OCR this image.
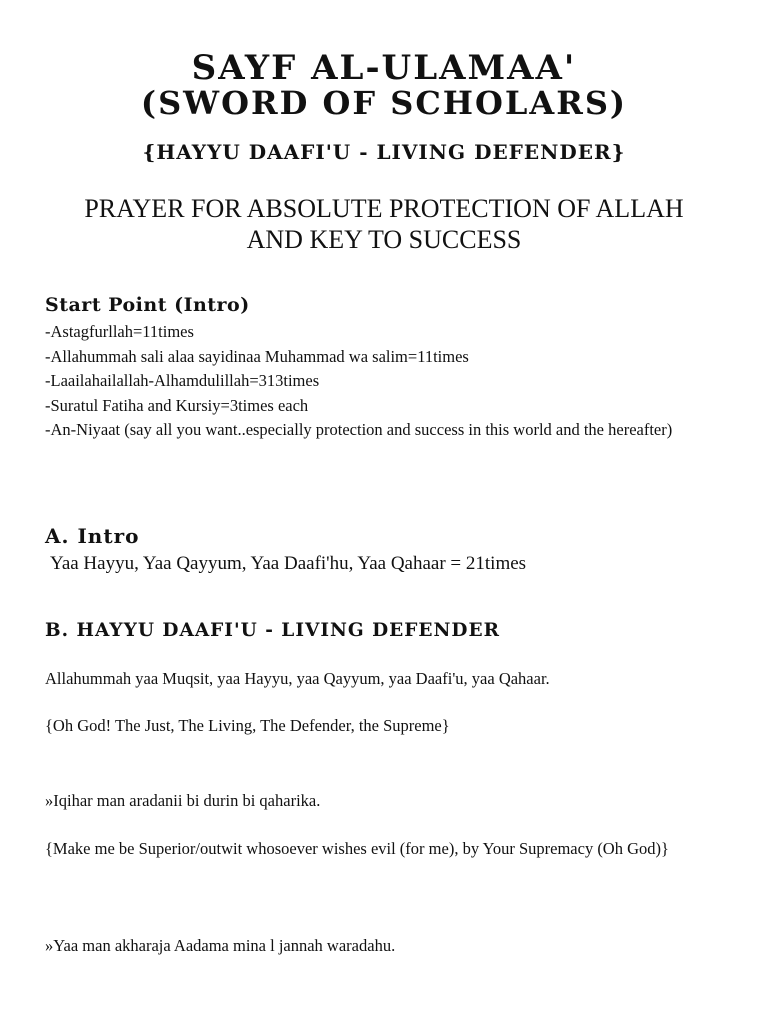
SAYF AL-ULAMAA'
(SWORD OF SCHOLARS)
{HAYYU DAAFI'U - LIVING DEFENDER}
PRAYER FOR ABSOLUTE PROTECTION OF ALLAH
AND KEY TO SUCCESS
Start Point (Intro)
-Astagfurllah=11times
-Allahummah sali alaa sayidinaa Muhammad wa salim=11times
-Laailahailallah-Alhamdulillah=313times
-Suratul Fatiha and Kursiy=3times each
-An-Niyaat (say all you want..especially protection and success in this world and the hereafter)
A. Intro
Yaa Hayyu, Yaa Qayyum, Yaa Daafi'hu, Yaa Qahaar = 21times
B. HAYYU DAAFI'U - LIVING DEFENDER
Allahummah yaa Muqsit, yaa Hayyu, yaa Qayyum, yaa Daafi'u, yaa Qahaar.
{Oh God! The Just, The Living, The Defender, the Supreme}
»Iqihar man aradanii bi durin bi qaharika.
{Make me be Superior/outwit whosoever wishes evil (for me), by Your Supremacy (Oh God)}
»Yaa man akharaja Aadama mina l jannah waradahu.
